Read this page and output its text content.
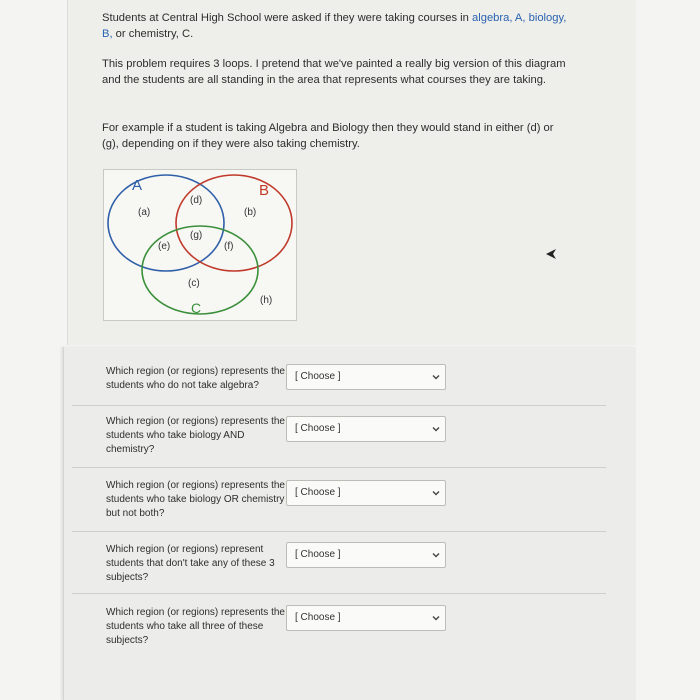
Students at Central High School were asked if they were taking courses in algebra, A, biology, B, or chemistry, C.

This problem requires 3 loops. I pretend that we've painted a really big version of this diagram and the students are all standing in the area that represents what courses they are taking.

For example if a student is taking Algebra and Biology then they would stand in either (d) or (g), depending on if they were also taking chemistry.

A	B
C
(a)
(d)
(b)
(g)
(e)	(f)
(c)
(h)
Which region (or regions) represents the students who do not take algebra?
[ Choose ]
Which region (or regions) represents the students who take biology AND chemistry?
[ Choose ]
Which region (or regions) represents the students who take biology OR chemistry but not both?
[ Choose ]
Which region (or regions) represent students that don't take any of these 3 subjects?
[ Choose ]
Which region (or regions) represents the students who take all three of these subjects?
[ Choose ]
